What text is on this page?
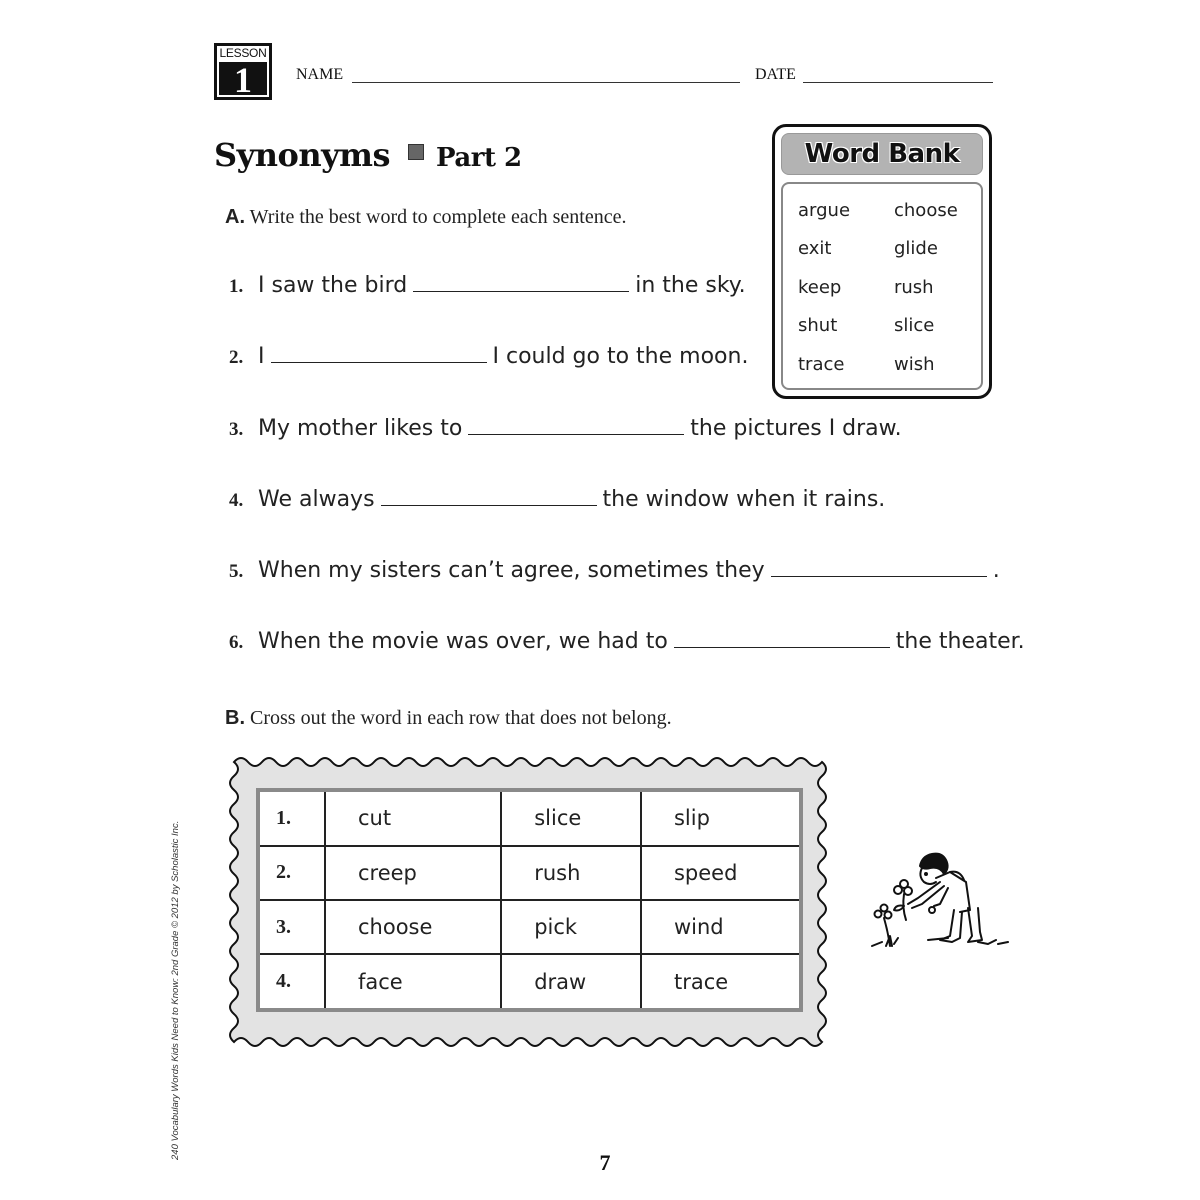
LESSON
1	NAME	DATE
Synonyms Part 2	Word Bank
argue choose
exit	glide
keep	rush
shut	slice
trace	wish
A. Write the best word to complete each sentence.
1. I saw the bird	in the sky.
2. I	I could go to the moon.
3. My mother likes to	the pictures I draw.
4. We always	the window when it rains.
5. When my sisters can’t agree, sometimes they	.
6. When the movie was over, we had to	the theater.
B. Cross out the word in each row that does not belong.
1.	cut	slice	slip
2.	creep	rush	speed
3.	choose	pick	wind
4.	face	draw	trace
240 Vocabulary Words Kids Need to Know: 2nd Grade © 2012 by Scholastic Inc.
7
